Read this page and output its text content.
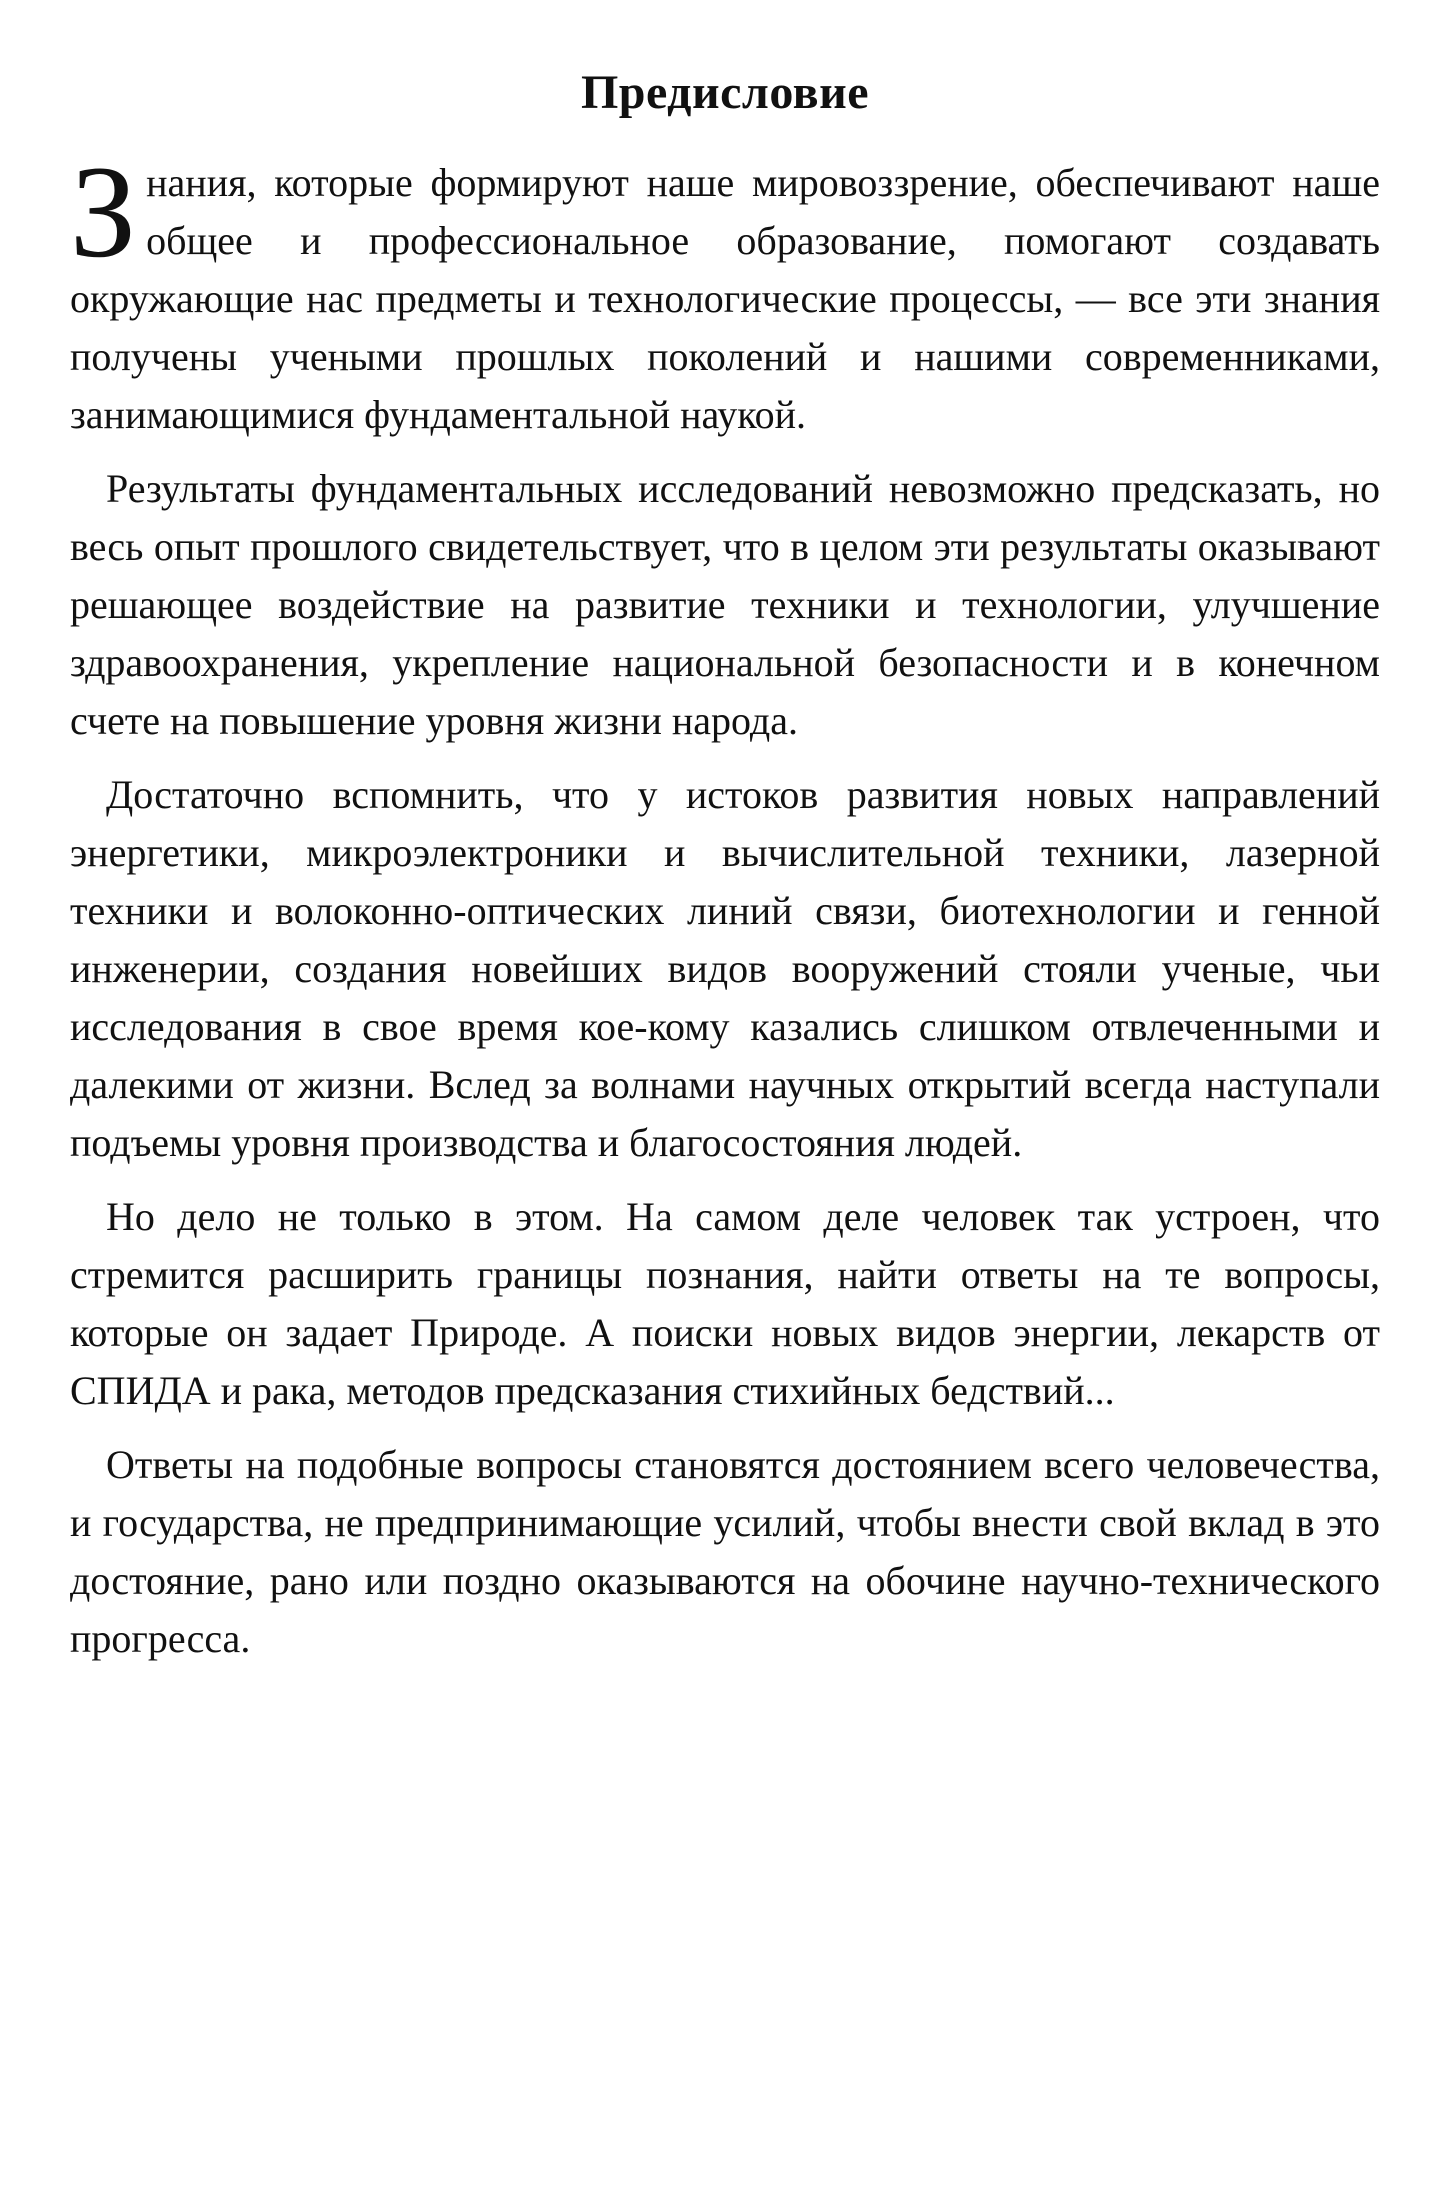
Предисловие

Знания, которые формируют наше мировоззрение, обеспечивают наше общее и профессиональное образование, помогают создавать окружающие нас предметы и технологические процессы, — все эти знания получены учеными прошлых поколений и нашими современниками, занимающимися фундаментальной наукой.

Результаты фундаментальных исследований невозможно предсказать, но весь опыт прошлого свидетельствует, что в целом эти результаты оказывают решающее воздействие на развитие техники и технологии, улучшение здравоохранения, укрепление национальной безопасности и в конечном счете на повышение уровня жизни народа.

Достаточно вспомнить, что у истоков развития новых направлений энергетики, микроэлектроники и вычислительной техники, лазерной техники и волоконно-оптических линий связи, биотехнологии и генной инженерии, создания новейших видов вооружений стояли ученые, чьи исследования в свое время кое-кому казались слишком отвлеченными и далекими от жизни. Вслед за волнами научных открытий всегда наступали подъемы уровня производства и благосостояния людей.

Но дело не только в этом. На самом деле человек так устроен, что стремится расширить границы познания, найти ответы на те вопросы, которые он задает Природе. А поиски новых видов энергии, лекарств от СПИДА и рака, методов предсказания стихийных бедствий...

Ответы на подобные вопросы становятся достоянием всего человечества, и государства, не предпринимающие усилий, чтобы внести свой вклад в это достояние, рано или поздно оказываются на обочине научно-технического прогресса.
